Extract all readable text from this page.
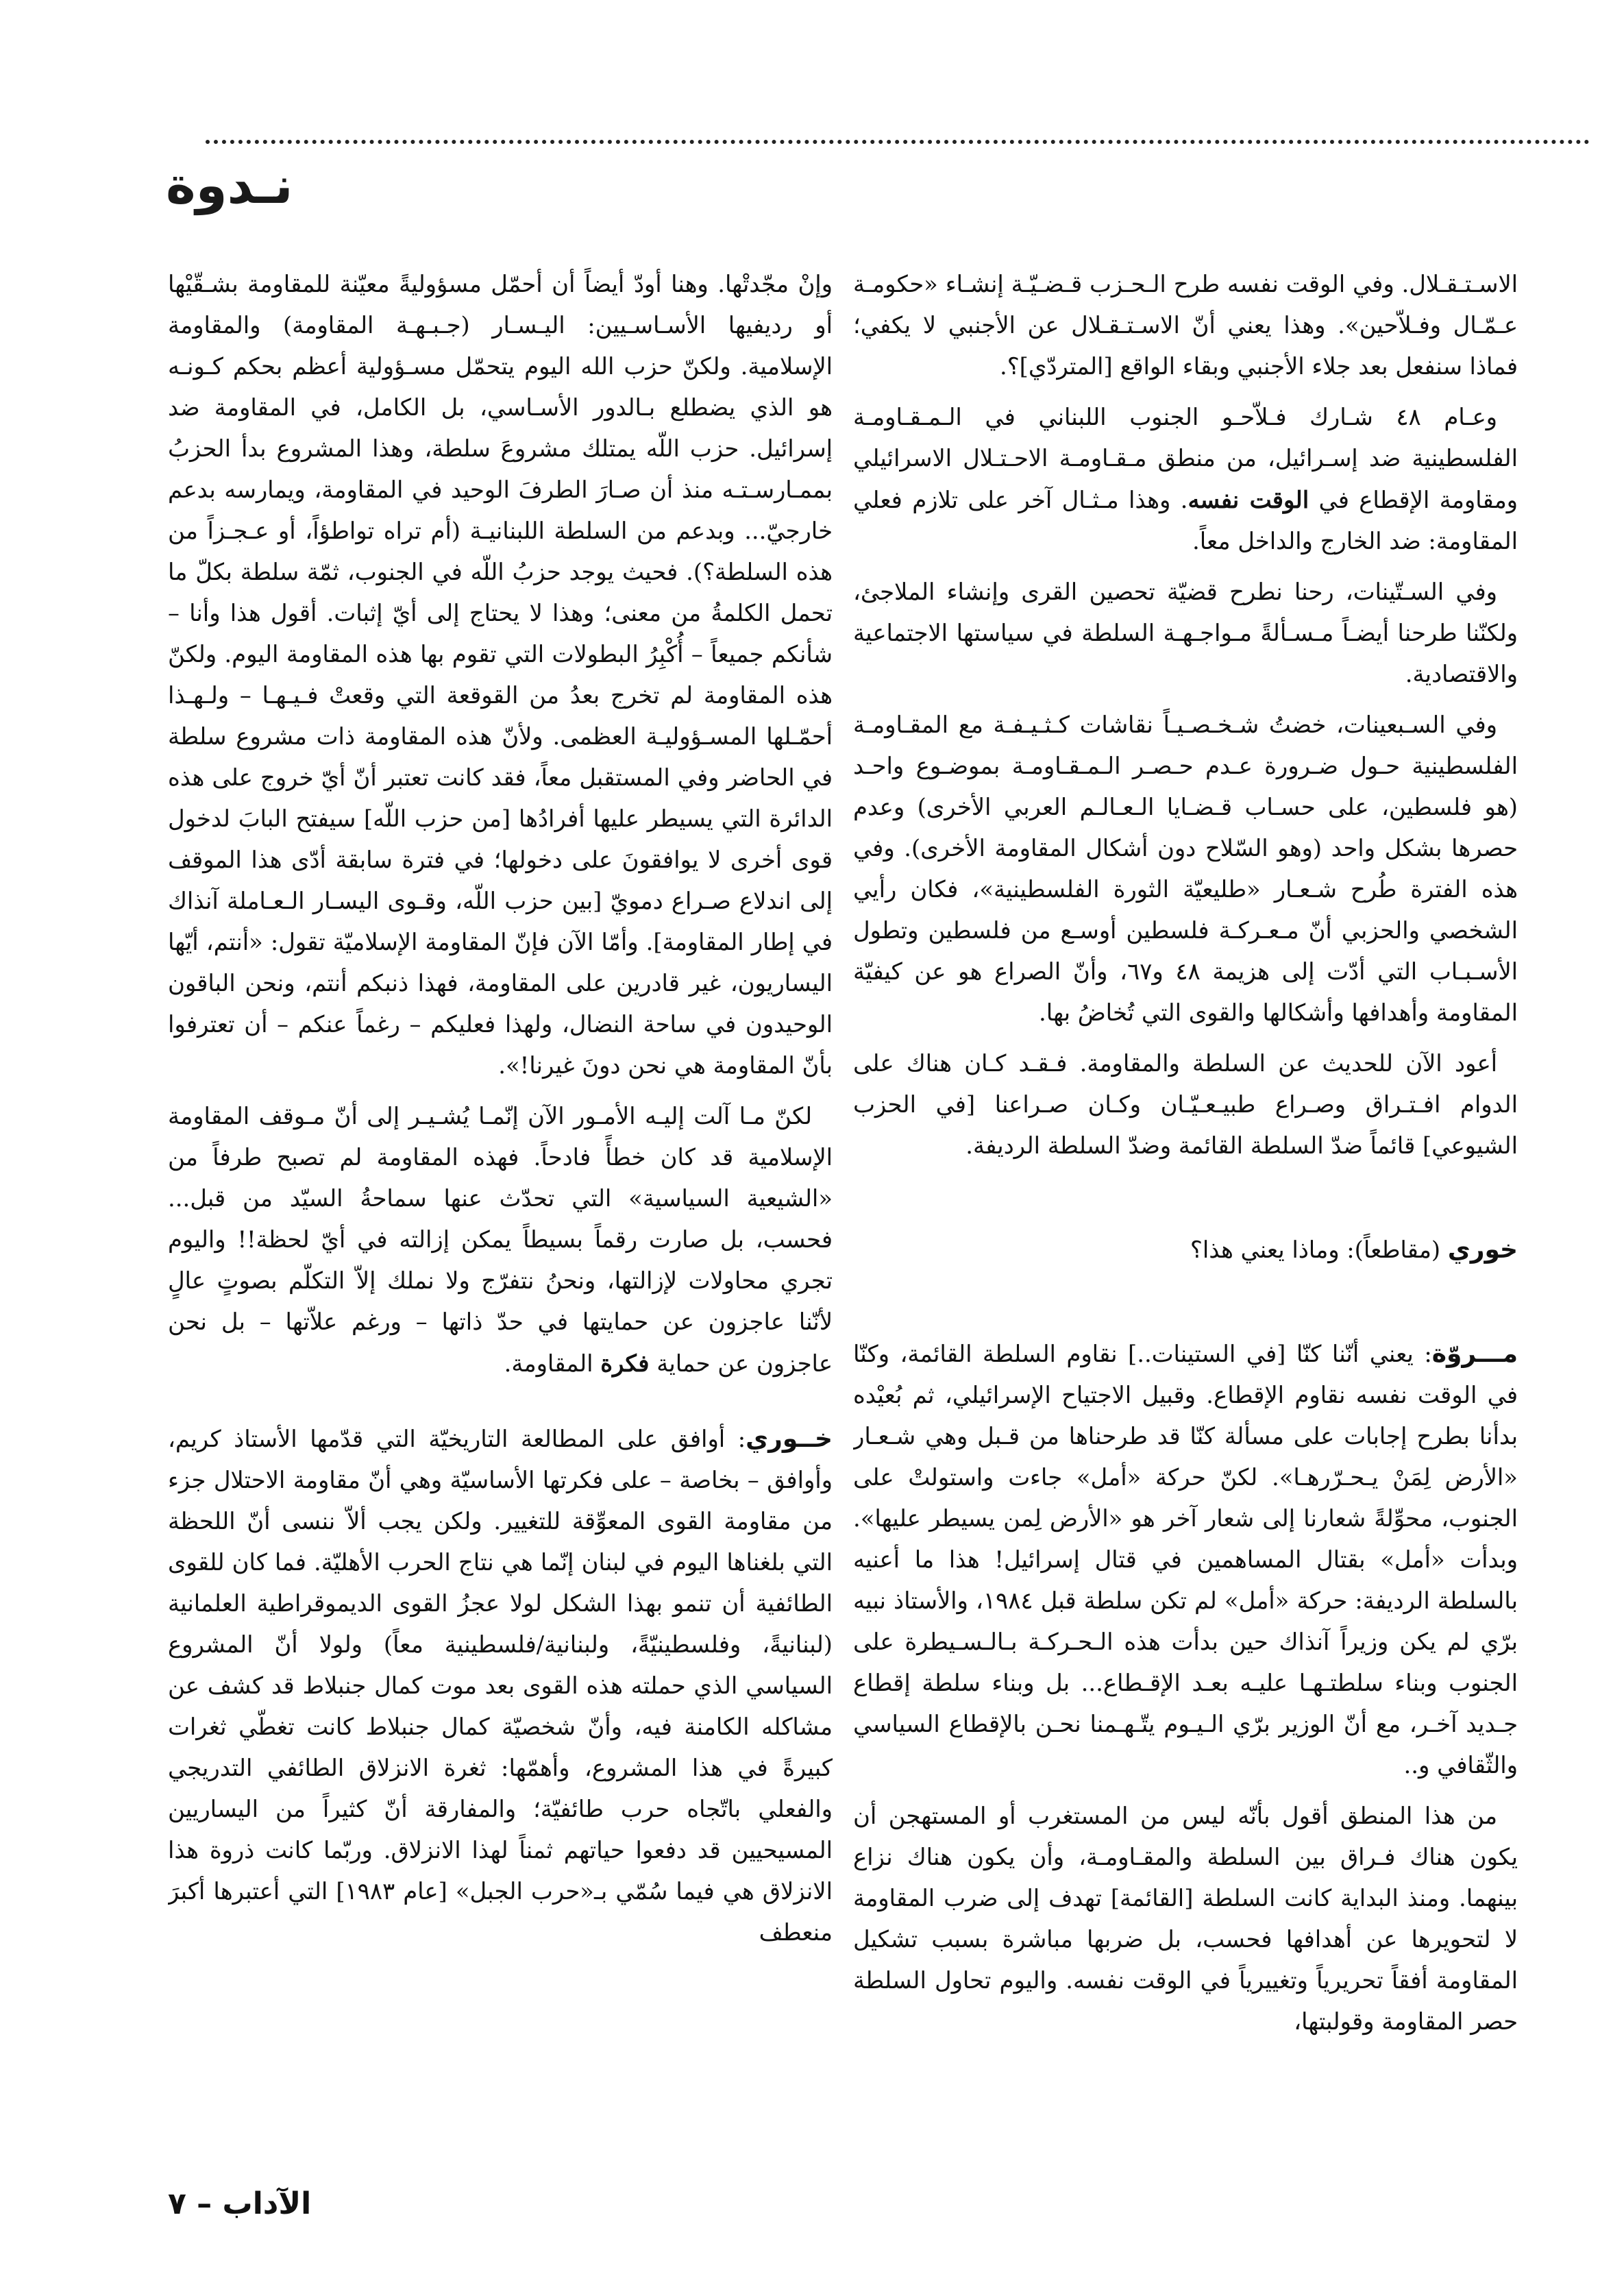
نـدوة

الاسـتـقـلال. وفي الوقت نفسه طرح الـحـزب قـضـيّـة إنشـاء «حكومـة عـمّـال وفـلاّحين». وهذا يعني أنّ الاسـتـقـلال عن الأجنبي لا يكفي؛ فماذا سنفعل بعد جلاء الأجنبي وبقاء الواقع [المتردّي]؟.

وعـام ٤٨ شـارك فـلاّحـو الجنوب اللبناني في الـمـقـاومـة الفلسطينية ضد إسـرائيل، من منطق مـقـاومـة الاحـتـلال الاسرائيلي ومقاومة الإقطاع في الوقت نفسه. وهذا مـثـال آخر على تلازم فعلي المقاومة: ضد الخارج والداخل معاً.

وفي السـتّينات، رحنا نطرح قضيّة تحصين القرى وإنشاء الملاجئ، ولكنّنا طرحنا أيضـاً مـسـألةً مـواجـهـة السلطة في سياستها الاجتماعية والاقتصادية.

وفي السـبعينات، خضتُ شـخـصـيـاً نقاشات كـثـيـفـة مع المقـاومـة الفلسطينية حـول ضـرورة عـدم حـصـر الـمـقـاومـة بموضـوع واحـد (هو فلسطين، على حسـاب قـضـايا الـعـالـم العربي الأخرى) وعدم حصرها بشكل واحد (وهو السّلاح دون أشكال المقاومة الأخرى). وفي هذه الفترة طُرح شـعـار «طليعيّة الثورة الفلسطينية»، فكان رأيي الشخصي والحزبي أنّ مـعـركـة فلسطين أوسـع من فلسطين وتطول الأسـبـاب التي أدّت إلى هزيمة ٤٨ و٦٧، وأنّ الصراع هو عن كيفيّة المقاومة وأهدافها وأشكالها والقوى التي تُخاضُ بها.

أعود الآن للحديث عن السلطة والمقاومة. فـقـد كـان هناك على الدوام افـتـراق وصـراع طبيـعـيّـان وكـان صـراعنا [في الحزب الشيوعي] قائماً ضدّ السلطة القائمة وضدّ السلطة الرديفة.

خوري (مقاطعاً): وماذا يعني هذا؟

مـــروّة: يعني أنّنا كنّا [في الستينات..] نقاوم السلطة القائمة، وكنّا في الوقت نفسه نقاوم الإقطاع. وقبيل الاجتياح الإسرائيلي، ثم بُعيْده بدأنا بطرح إجابات على مسألة كنّا قد طرحناها من قـبل وهي شـعـار «الأرض لِمَنْ يـحـرّرهـا». لكنّ حركة «أمل» جاءت واستولتْ على الجنوب، محوِّلةً شعارنا إلى شعار آخر هو «الأرض لِمن يسيطر عليها». وبدأت «أمل» بقتال المساهمين في قتال إسرائيل! هذا ما أعنيه بالسلطة الرديفة: حركة «أمل» لم تكن سلطة قبل ١٩٨٤، والأستاذ نبيه برّي لم يكن وزيراً آنذاك حين بدأت هذه الـحـركـة بـالـسـيطرة على الجنوب وبناء سلطتـهـا عليـه بعـد الإقـطاع... بل وبناء سلطة إقطاع جـديد آخـر، مع أنّ الوزير برّي الـيـوم يتّـهـمنا نحـن بالإقطاع السياسي والثّقافي و..

من هذا المنطق أقول بأنّه ليس من المستغرب أو المستهجن أن يكون هناك فـراق بين السلطة والمقـاومـة، وأن يكون هناك نزاع بينهما. ومنذ البداية كانت السلطة [القائمة] تهدف إلى ضرب المقاومة لا لتحويرها عن أهدافها فحسب، بل ضربها مباشرة بسبب تشكيل المقاومة أفقاً تحريرياً وتغييرياً في الوقت نفسه. واليوم تحاول السلطة حصر المقاومة وقولبتها،

وإنْ مجّدتْها. وهنا أودّ أيضاً أن أحمّل مسؤوليةً معيّنة للمقاومة بشـقّيْها أو رديفيها الأسـاسـيين: اليـسـار (جـبـهـة المقاومة) والمقاومة الإسلامية. ولكنّ حزب الله اليوم يتحمّل مسـؤولية أعظم بحكم كـونـه هو الذي يضطلع بـالدور الأسـاسي، بل الكامل، في المقاومة ضد إسرائيل. حزب اللّه يمتلك مشروعَ سلطة، وهذا المشروع بدأ الحزبُ بممـارسـتـه منذ أن صـارَ الطرفَ الوحيد في المقاومة، ويمارسه بدعم خارجيّ... وبدعم من السلطة اللبنانيـة (أم تراه تواطؤاً، أو عـجـزاً من هذه السلطة؟). فحيث يوجد حزبُ اللّه في الجنوب، ثمّة سلطة بكلّ ما تحمل الكلمةُ من معنى؛ وهذا لا يحتاج إلى أيّ إثبات. أقول هذا وأنا – شأنكم جميعاً – أُكْبِرُ البطولات التي تقوم بها هذه المقاومة اليوم. ولكنّ هذه المقاومة لم تخرج بعدُ من القوقعة التي وقعتْ فـيـهـا – ولـهـذا أحمّـلها المسـؤوليـة العظمى. ولأنّ هذه المقاومة ذات مشروع سلطة في الحاضر وفي المستقبل معاً، فقد كانت تعتبر أنّ أيّ خروج على هذه الدائرة التي يسيطر عليها أفرادُها [من حزب اللّه] سيفتح البابَ لدخول قوى أخرى لا يوافقونَ على دخولها؛ في فترة سابقة أدّى هذا الموقف إلى اندلاع صـراع دمويّ [بين حزب اللّه، وقـوى اليسـار الـعـاملة آنذاك في إطار المقاومة]. وأمّا الآن فإنّ المقاومة الإسلاميّة تقول: «أنتم، أيّها اليساريون، غير قادرين على المقاومة، فهذا ذنبكم أنتم، ونحن الباقون الوحيدون في ساحة النضال، ولهذا فعليكم – رغماً عنكم – أن تعترفوا بأنّ المقاومة هي نحن دونَ غيرنا!».

لكنّ مـا آلت إليـه الأمـور الآن إنّمـا يُشـيـر إلى أنّ مـوقف المقاومة الإسلامية قد كان خطأً فادحاً. فهذه المقاومة لم تصبح طرفاً من «الشيعية السياسية» التي تحدّث عنها سماحةُ السيّد من قبل... فحسب، بل صارت رقماً بسيطاً يمكن إزالته في أيّ لحظة!! واليوم تجري محاولات لإزالتها، ونحنُ نتفرّج ولا نملك إلاّ التكلّم بصوتٍ عالٍ لأنّنا عاجزون عن حمايتها في حدّ ذاتها – ورغم علاّتها – بل نحن عاجزون عن حماية فكرة المقاومة.

خــوري: أوافق على المطالعة التاريخيّة التي قدّمها الأستاذ كريم، وأوافق – بخاصة – على فكرتها الأساسيّة وهي أنّ مقاومة الاحتلال جزء من مقاومة القوى المعوِّقة للتغيير. ولكن يجب ألاّ ننسى أنّ اللحظة التي بلغناها اليوم في لبنان إنّما هي نتاج الحرب الأهليّة. فما كان للقوى الطائفية أن تنمو بهذا الشكل لولا عجزُ القوى الديموقراطية العلمانية (لبنانيةً، وفلسطينيّةً، ولبنانية/فلسطينية معاً) ولولا أنّ المشروع السياسي الذي حملته هذه القوى بعد موت كمال جنبلاط قد كشف عن مشاكله الكامنة فيه، وأنّ شخصيّة كمال جنبلاط كانت تغطّي ثغرات كبيرةً في هذا المشروع، وأهمّها: ثغرة الانزلاق الطائفي التدريجي والفعلي باتّجاه حرب طائفيّة؛ والمفارقة أنّ كثيراً من اليساريين المسيحيين قد دفعوا حياتهم ثمناً لهذا الانزلاق. وربّما كانت ذروة هذا الانزلاق هي فيما سُمّي بـ«حرب الجبل» [عام ١٩٨٣] التي أعتبرها أكبرَ منعطف

الآداب – ٧
